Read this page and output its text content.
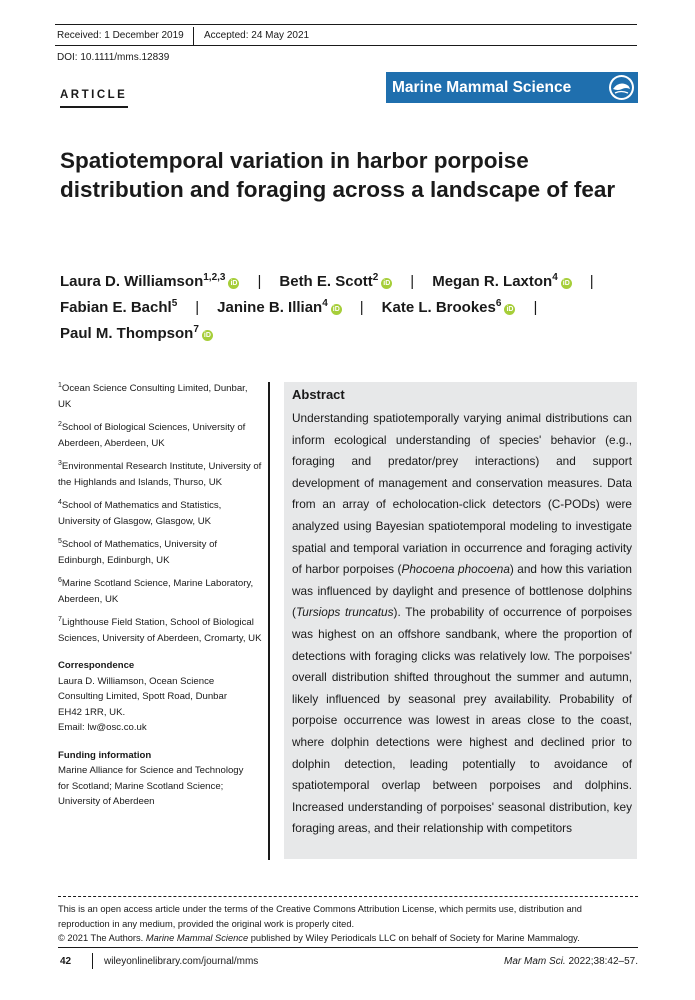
Received: 1 December 2019 Accepted: 24 May 2021
DOI: 10.1111/mms.12839
ARTICLE	Marine Mammal Science
Spatiotemporal variation in harbor porpoise distribution and foraging across a landscape of fear
Laura D. Williamson$^{1,2,3}$iD | Beth E. Scott$^2$iD | Megan R. Laxton$^4$iD |
Fabian E. Bachl$^5$ | Janine B. Illian$^4$iD | Kate L. Brookes$^6$iD |
Paul M. Thompson$^7$iD
$^1$Ocean Science Consulting Limited, Dunbar, UK
$^2$School of Biological Sciences, University of Aberdeen, Aberdeen, UK
$^3$Environmental Research Institute, University of the Highlands and Islands, Thurso, UK
$^4$School of Mathematics and Statistics, University of Glasgow, Glasgow, UK
$^5$School of Mathematics, University of Edinburgh, Edinburgh, UK
$^6$Marine Scotland Science, Marine Laboratory, Aberdeen, UK
$^7$Lighthouse Field Station, School of Biological Sciences, University of Aberdeen, Cromarty, UK
Correspondence
Laura D. Williamson, Ocean Science
Consulting Limited, Spott Road, Dunbar
EH42 1RR, UK.
Email: lw@osc.co.uk
Funding information
Marine Alliance for Science and Technology
for Scotland; Marine Scotland Science;
University of Aberdeen
Abstract
Understanding spatiotemporally varying animal distributions can inform ecological understanding of species' behavior (e.g., foraging and predator/prey interactions) and support development of management and conservation measures. Data from an array of echolocation-click detectors (C-PODs) were analyzed using Bayesian spatiotemporal modeling to investigate spatial and temporal variation in occurrence and foraging activity of harbor porpoises (Phocoena phocoena) and how this variation was influenced by daylight and presence of bottlenose dolphins (Tursiops truncatus). The probability of occurrence of porpoises was highest on an offshore sandbank, where the proportion of detections with foraging clicks was relatively low. The porpoises' overall distribution shifted throughout the summer and autumn, likely influenced by seasonal prey availability. Probability of porpoise occurrence was lowest in areas close to the coast, where dolphin detections were highest and declined prior to dolphin detection, leading potentially to avoidance of spatiotemporal overlap between porpoises and dolphins. Increased understanding of porpoises' seasonal distribution, key foraging areas, and their relationship with competitors
This is an open access article under the terms of the Creative Commons Attribution License, which permits use, distribution and
reproduction in any medium, provided the original work is properly cited.
© 2021 The Authors. Marine Mammal Science published by Wiley Periodicals LLC on behalf of Society for Marine Mammalogy.
42	wileyonlinelibrary.com/journal/mms	Mar Mam Sci. 2022;38:42–57.
